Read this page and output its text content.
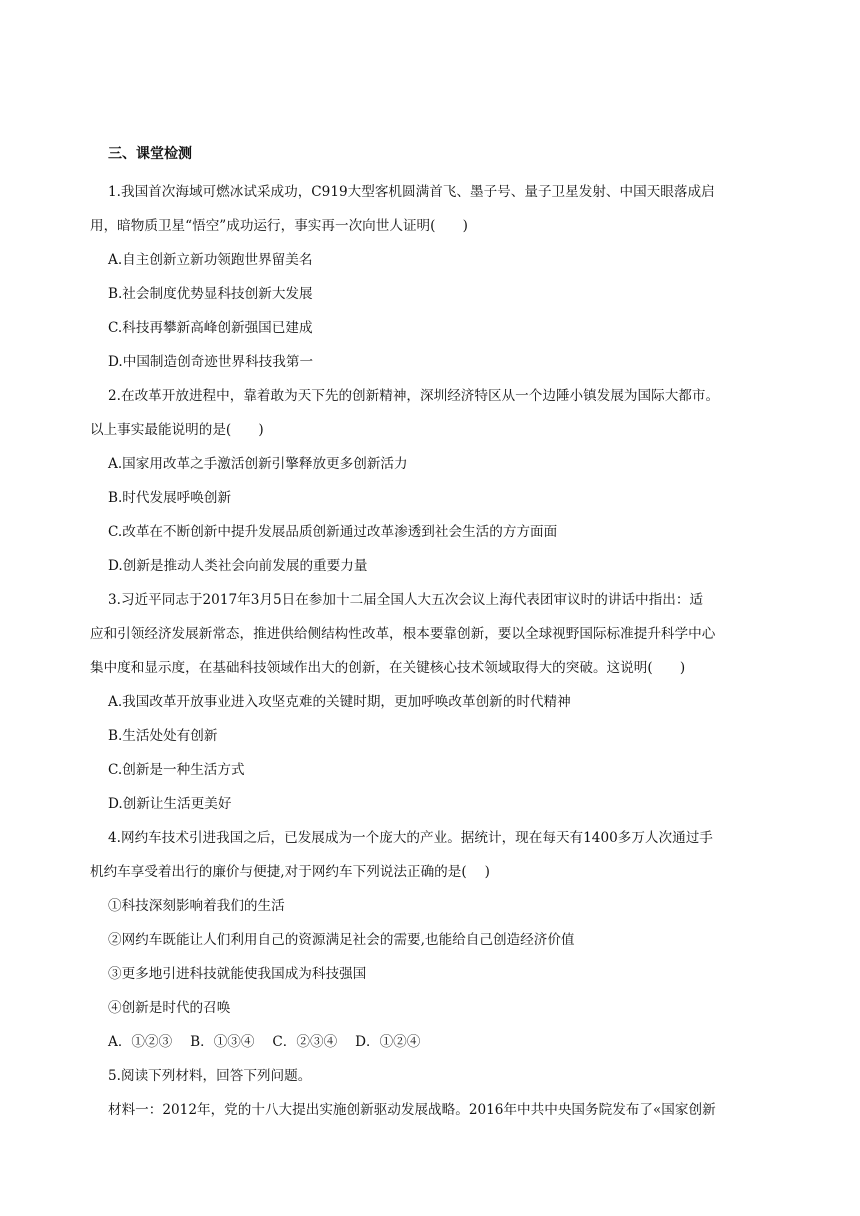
三、课堂检测

1.我国首次海域可燃冰试采成功，C919大型客机圆满首飞、墨子号、量子卫星发射、中国天眼落成启

用，暗物质卫星“悟空”成功运行，事实再一次向世人证明(　　)

A.自主创新立新功领跑世界留美名

B.社会制度优势显科技创新大发展

C.科技再攀新高峰创新强国已建成

D.中国制造创奇迹世界科技我第一

2.在改革开放进程中，靠着敢为天下先的创新精神，深圳经济特区从一个边陲小镇发展为国际大都市。

以上事实最能说明的是(　　)

A.国家用改革之手激活创新引擎释放更多创新活力

B.时代发展呼唤创新

C.改革在不断创新中提升发展品质创新通过改革渗透到社会生活的方方面面

D.创新是推动人类社会向前发展的重要力量

3.习近平同志于2017年3月5日在参加十二届全国人大五次会议上海代表团审议时的讲话中指出：适

应和引领经济发展新常态，推进供给侧结构性改革，根本要靠创新，要以全球视野国际标准提升科学中心

集中度和显示度，在基础科技领域作出大的创新，在关键核心技术领域取得大的突破。这说明(　　)

A.我国改革开放事业进入攻坚克难的关键时期，更加呼唤改革创新的时代精神

B.生活处处有创新

C.创新是一种生活方式

D.创新让生活更美好

4.网约车技术引进我国之后，已发展成为一个庞大的产业。据统计，现在每天有1400多万人次通过手

机约车享受着出行的廉价与便捷,对于网约车下列说法正确的是(　 )

①科技深刻影响着我们的生活

②网约车既能让人们利用自己的资源满足社会的需要,也能给自己创造经济价值

③更多地引进科技就能使我国成为科技强国

④创新是时代的召唤

A．①②③　 B．①③④　 C．②③④　 D．①②④

5.阅读下列材料，回答下列问题。

材料一：2012年，党的十八大提出实施创新驱动发展战略。2016年中共中央国务院发布了«国家创新
